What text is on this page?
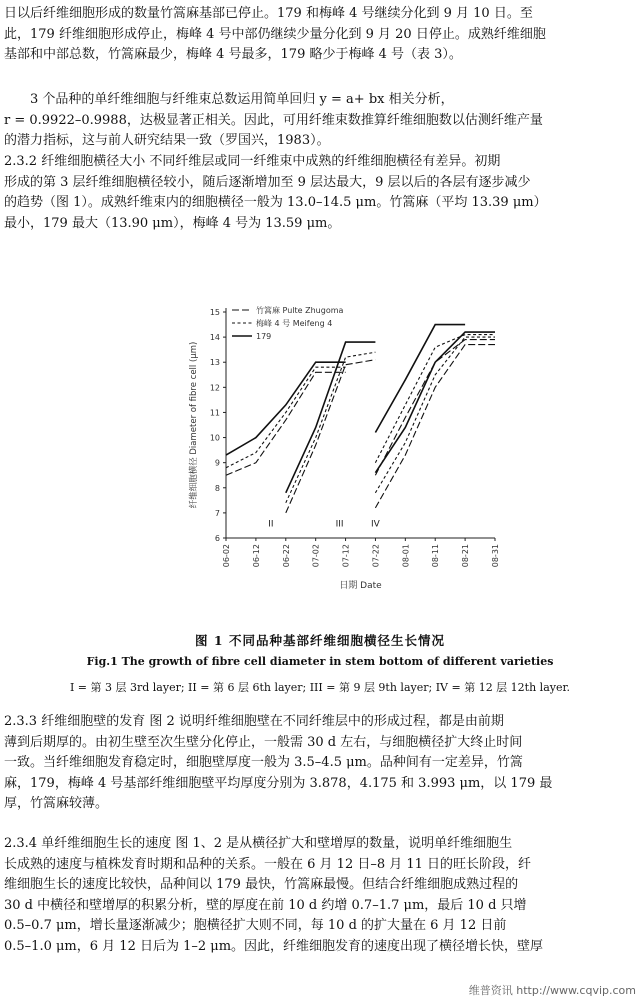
日以后纤维细胞形成的数量竹篙麻基部已停止。179 和梅峰 4 号继续分化到 9 月 10 日。至
此，179 纤维细胞形成停止，梅峰 4 号中部仍继续少量分化到 9 月 20 日停止。成熟纤维细胞
基部和中部总数，竹篙麻最少，梅峰 4 号最多，179 略少于梅峰 4 号（表 3）。
3 个品种的单纤维细胞与纤维束总数运用简单回归 y = a+ bx 相关分析，
r = 0.9922–0.9988，达极显著正相关。因此，可用纤维束数推算纤维细胞数以估测纤维产量
的潜力指标，这与前人研究结果一致（罗国兴，1983）。
2.3.2 纤维细胞横径大小 不同纤维层或同一纤维束中成熟的纤维细胞横径有差异。初期
形成的第 3 层纤维细胞横径较小，随后逐渐增加至 9 层达最大，9 层以后的各层有逐步减少
的趋势（图 1）。成熟纤维束内的细胞横径一般为 13.0–14.5 μm。竹篙麻（平均 13.39 μm）
最小，179 最大（13.90 μm），梅峰 4 号为 13.59 μm。
6
7
8
9
10
11
12
13
14
15
06-02	06-12	06-22	07-02	07-12	07-22	08-01	08-11	08-21	08-31
日期 Date
纤维细胞横径 Diameter of fibre cell (μm)
I	II	III	IV
竹篙麻 Pulte Zhugoma
梅峰 4 号 Meifeng 4
179

图 1 不同品种基部纤维细胞横径生长情况

Fig.1 The growth of fibre cell diameter in stem bottom of different varieties

I = 第 3 层 3rd layer; II = 第 6 层 6th layer; III = 第 9 层 9th layer; IV = 第 12 层 12th layer.

2.3.3 纤维细胞壁的发育 图 2 说明纤维细胞壁在不同纤维层中的形成过程，都是由前期
薄到后期厚的。由初生壁至次生壁分化停止，一般需 30 d 左右，与细胞横径扩大终止时间
一致。当纤维细胞发育稳定时，细胞壁厚度一般为 3.5–4.5 μm。品种间有一定差异，竹篙
麻，179，梅峰 4 号基部纤维细胞壁平均厚度分别为 3.878，4.175 和 3.993 μm，以 179 最
厚，竹篙麻较薄。
2.3.4 单纤维细胞生长的速度 图 1、2 是从横径扩大和壁增厚的数量，说明单纤维细胞生
长成熟的速度与植株发育时期和品种的关系。一般在 6 月 12 日–8 月 11 日的旺长阶段，纤
维细胞生长的速度比较快，品种间以 179 最快，竹篙麻最慢。但结合纤维细胞成熟过程的
30 d 中横径和壁增厚的积累分析，壁的厚度在前 10 d 约增 0.7–1.7 μm，最后 10 d 只增
0.5–0.7 μm，增长量逐渐减少；胞横径扩大则不同，每 10 d 的扩大量在 6 月 12 日前
0.5–1.0 μm，6 月 12 日后为 1–2 μm。因此，纤维细胞发育的速度出现了横径增长快，壁厚
维普资讯 http://www.cqvip.com
